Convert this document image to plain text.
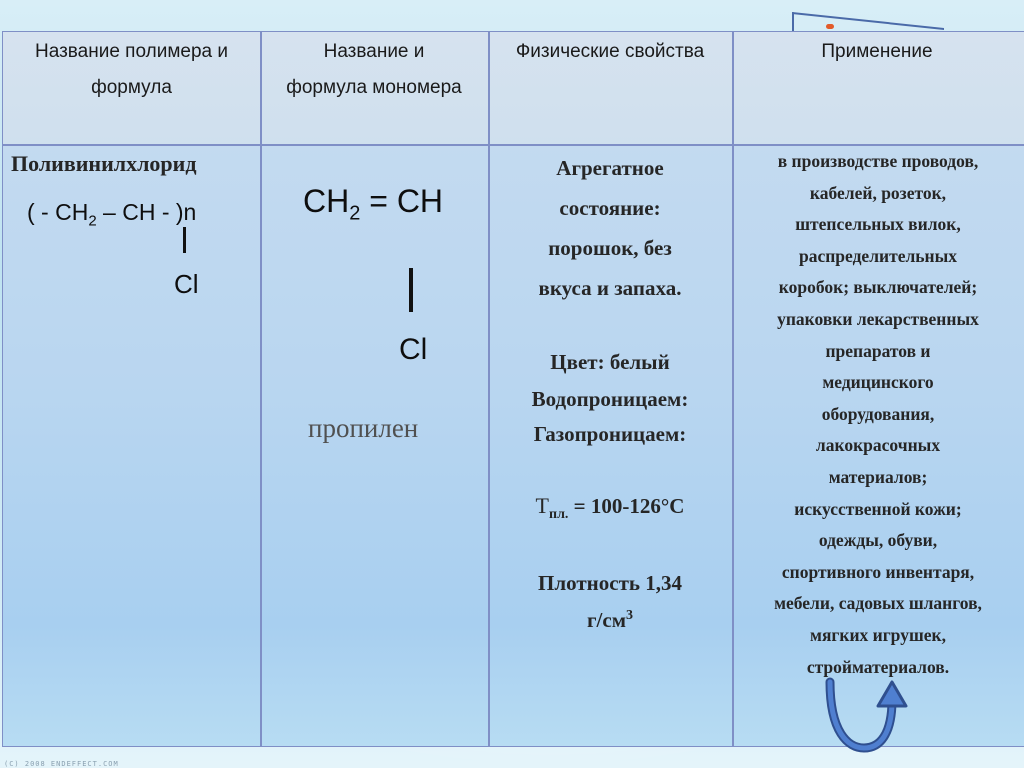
Название полимера и
формула
Название и
формула мономера
Физические свойства	Применение
Поливинилхлорид
( - $CH_2$ – CH - )n
Cl
$CH_2$ = CH
Cl
пропилен
Агрегатное
состояние:
порошок, без
вкуса и запаха.
Цвет: белый
Водопроницаем:
Газопроницаем:
$Т_{пл.} = 100-126^\circ С$
Плотность 1,34
$г/см^3$
в производстве проводов,
кабелей, розеток,
штепсельных вилок,
распределительных
коробок; выключателей;
упаковки лекарственных
препаратов и
медицинского
оборудования,
лакокрасочных
материалов;
искусственной кожи;
одежды, обуви,
спортивного инвентаря,
мебели, садовых шлангов,
мягких игрушек,
стройматериалов.
(C) 2008 ENDEFFECT.COM
